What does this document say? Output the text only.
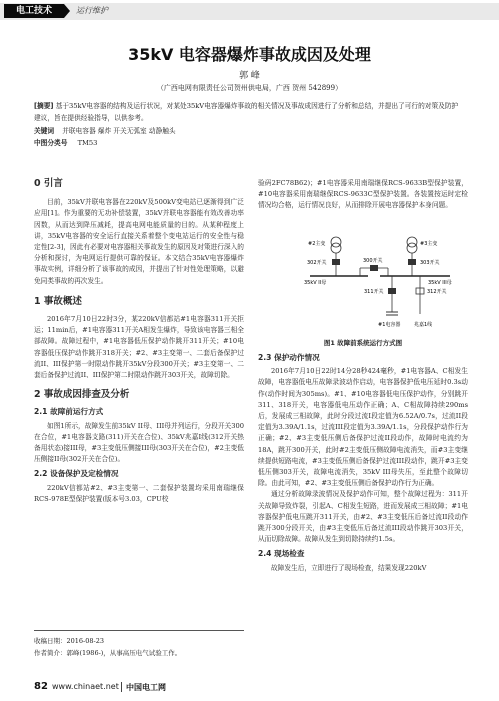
电工技术	运行维护
35kV 电容器爆炸事故成因及处理
郭 峰
（广西电网有限责任公司贺州供电局，广西 贺州 542899）
[摘要] 基于35kV电容器的结构及运行状况，对某处35kV电容器爆炸事故的相关情况及事故成因进行了分析和总结，并提出了可行的对策及防护建议，旨在提供经验指导，以供参考。
关键词 并联电容器 爆炸 开关无弧室 动静触头
中图分类号 TM53
0 引言

目前，35kV并联电容器在220kV及500kV变电站已逐渐得到广泛应用[1]。作为重要的无功补偿装置，35kV并联电容器能有效改善功率因数，从而达到降压减耗，提高电网电能质量的目的。从某种程度上讲，35kV电容器的安全运行直接关系着整个变电站运行的安全性与稳定性[2-3]，因此有必要对电容器相关事故发生的原因及对策进行深入的分析和探讨，为电网运行提供可靠的保证。本文结合35kV电容器爆炸事故实例，详细分析了该事故的成因，并提出了针对性处理策略，以避免同类事故的再次发生。

1 事故概述

2016年7月10日22时3分，某220kV信都站#1电容器311开关拒运；11min后，#1电容器311开关A相发生爆炸，导致该电容器三相全部故障。故障过程中，#1电容器低压保护动作跳开311开关；#10电容器低压保护动作跳开318开关；#2、#3主变第一、二套后备保护过流II、III保护第一时限动作跳开35kV分段300开关；#3主变第一、二套后备保护过流II、III保护第二时限动作跳开303开关，故障切除。

2 事故成因排查及分析
2.1 故障前运行方式

如图1所示，故障发生前35kV II母、III母并列运行，分段开关300在合位，#1电容器支路(311)开关在合位)、35kV兆嘉I线(312开关热备用状态)接III母，#3主变低压侧接III母(303开关在合位)，#2主变低压侧接II母(302开关在合位)。

2.2 设备保护及定检情况

220kV信都站#2、#3主变第一、二套保护装置均采用南瑞继保RCS-978E型保护装置(版本号3.03，CPU校

收稿日期：2016-08-23
作者简介：郭峰(1986-)，从事高压电气试验工作。

验码2FC78B62)；#1电容器采用南瑞继保RCS-9633B型保护装置，#10电容器采用南瑞继保RCS-9633C型保护装置。各装置按运时定检情况均合格，运行情况良好，从而排除开展电容器保护本身问题。

#2主变	#3主变
302开关	303开关
300开关
35kV II母	35kV III母
311开关
#1电容器
312开关
兆嘉1线
图1 故障前系统运行方式图
2.3 保护动作情况

2016年7月10日22时14分28秒424毫秒，#1电容器A、C相发生故障，电容器低电压故障录波动作启动，电容器保护低电压延时0.3s动作(动作时间为305ms)。#1、#10电容器低电压保护动作，分别跳开311、318开关，电容器低电压动作正确；A、C相故障持续290ms后，发展成三相故障，此时分段过流I段定值为6.52A/0.7s，过流II段定值为3.39A/1.1s，过流III段定值为3.39A/1.1s，分段保护动作行为正确；#2、#3主变低压侧后备保护过流II段动作，故障时电流约为18A，跳开300开关，此时#2主变低压侧故障电流消失，而#3主变继续提供短路电流，#3主变低压侧后备保护过流III段动作，跳开#3主变低压侧303开关，故障电流消失，35kV III母失压，至此整个故障切除。由此可知，#2、#3主变低压侧后备保护动作行为正确。

通过分析故障录波情况及保护动作可知，整个故障过程为：311开关故障导致炸裂，引起A、C相发生短路，进而发展成三相故障；#1电容器保护低电压跳开311开关，由#2、#3主变低压后备过流II段动作跳开300分段开关，由#3主变低压后备过流III段动作跳开303开关，从而切除故障。故障从发生到切除持续约1.5s。

2.4 现场检查

故障发生后，立即进行了现场检查，结果发现220kV

82 www.chinaet.net 中国电工网
